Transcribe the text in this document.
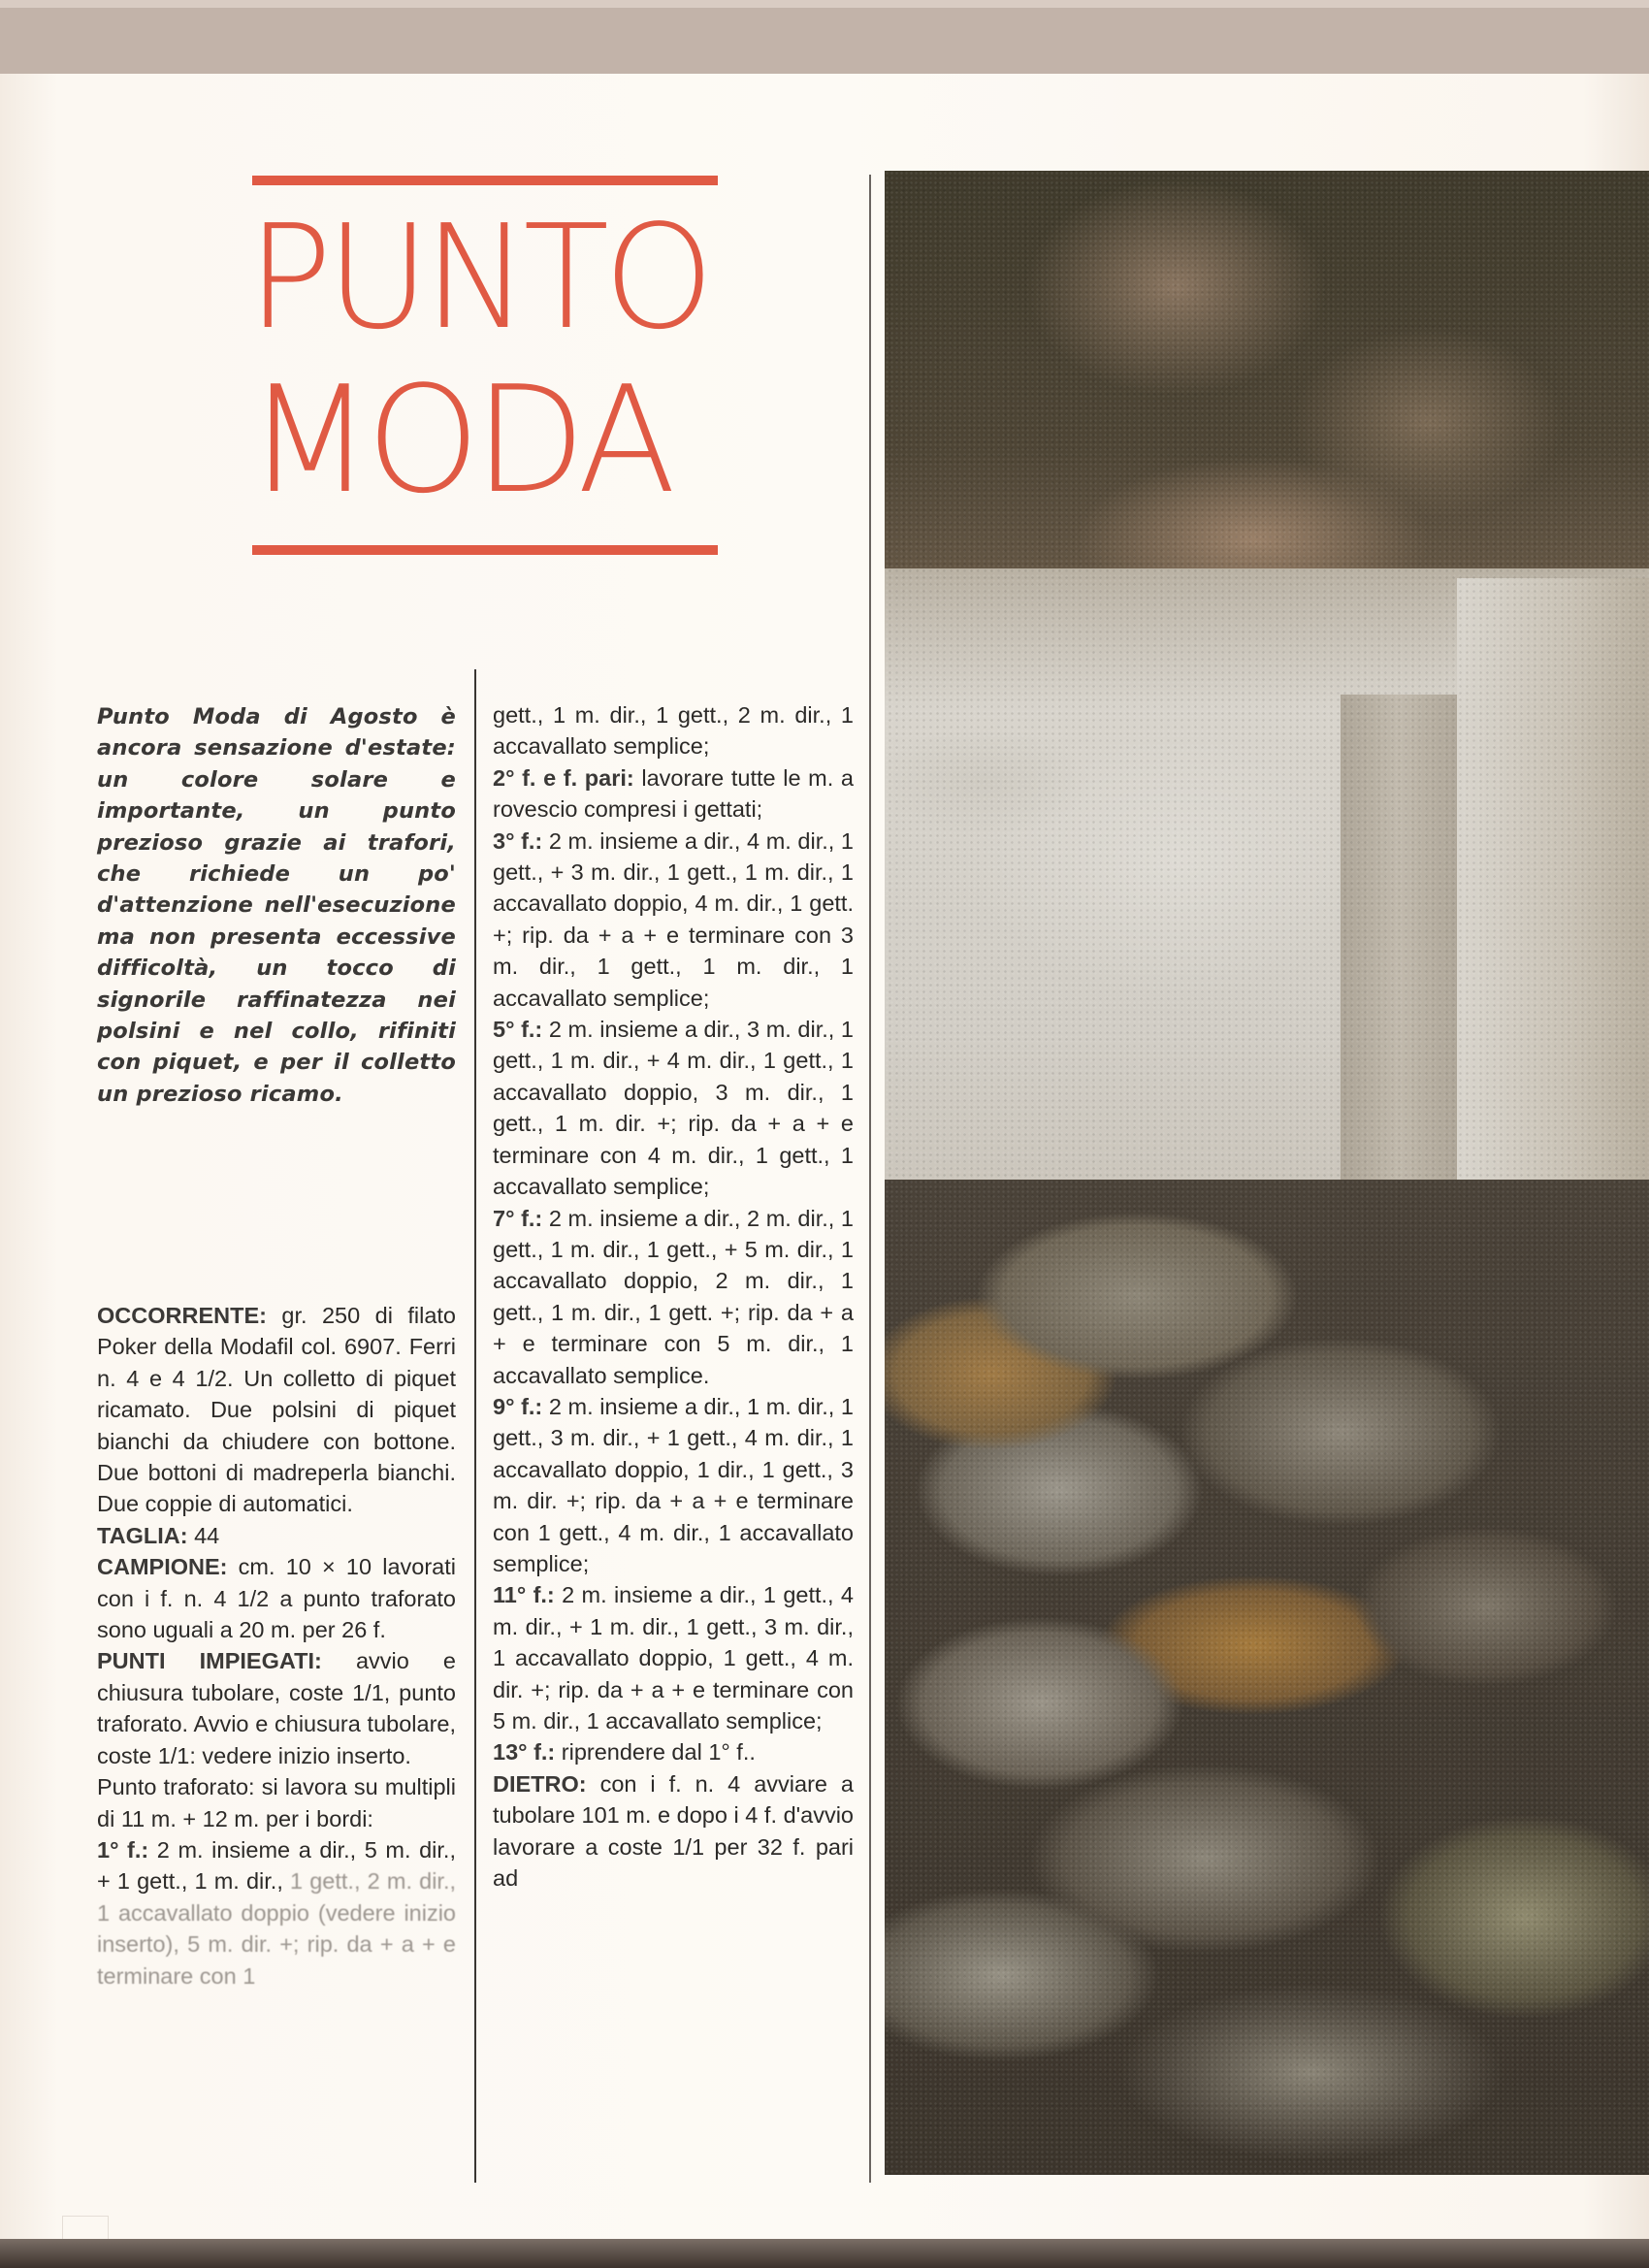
PUNTO
MODA

Punto Moda di Agosto è ancora sensazione d'estate: un colore solare e importante, un punto prezioso grazie ai trafori, che richiede un po' d'attenzione nell'esecuzione ma non presenta eccessive difficoltà, un tocco di signorile raffinatezza nei polsini e nel collo, rifiniti con piquet, e per il colletto un prezioso ricamo.

OCCORRENTE: gr. 250 di filato Poker della Modafil col. 6907. Ferri n. 4 e 4 1/2. Un colletto di piquet ricamato. Due polsini di piquet bianchi da chiudere con bottone. Due bottoni di madreperla bianchi. Due coppie di automatici.

TAGLIA: 44

CAMPIONE: cm. 10 × 10 lavorati con i f. n. 4 1/2 a punto traforato sono uguali a 20 m. per 26 f.

PUNTI IMPIEGATI: avvio e chiusura tubolare, coste 1/1, punto traforato. Avvio e chiusura tubolare, coste 1/1: vedere inizio inserto.

Punto traforato: si lavora su multipli di 11 m. + 12 m. per i bordi:

1° f.: 2 m. insieme a dir., 5 m. dir., + 1 gett., 1 m. dir., 1 gett., 2 m. dir., 1 accavallato doppio (vedere inizio inserto), 5 m. dir. +; rip. da + a + e terminare con 1

gett., 1 m. dir., 1 gett., 2 m. dir., 1 accavallato semplice;

2° f. e f. pari: lavorare tutte le m. a rovescio compresi i gettati;

3° f.: 2 m. insieme a dir., 4 m. dir., 1 gett., + 3 m. dir., 1 gett., 1 m. dir., 1 accavallato doppio, 4 m. dir., 1 gett. +; rip. da + a + e terminare con 3 m. dir., 1 gett., 1 m. dir., 1 accavallato semplice;

5° f.: 2 m. insieme a dir., 3 m. dir., 1 gett., 1 m. dir., + 4 m. dir., 1 gett., 1 accavallato doppio, 3 m. dir., 1 gett., 1 m. dir. +; rip. da + a + e terminare con 4 m. dir., 1 gett., 1 accavallato semplice;

7° f.: 2 m. insieme a dir., 2 m. dir., 1 gett., 1 m. dir., 1 gett., + 5 m. dir., 1 accavallato doppio, 2 m. dir., 1 gett., 1 m. dir., 1 gett. +; rip. da + a + e terminare con 5 m. dir., 1 accavallato semplice.

9° f.: 2 m. insieme a dir., 1 m. dir., 1 gett., 3 m. dir., + 1 gett., 4 m. dir., 1 accavallato doppio, 1 dir., 1 gett., 3 m. dir. +; rip. da + a + e terminare con 1 gett., 4 m. dir., 1 accavallato semplice;

11° f.: 2 m. insieme a dir., 1 gett., 4 m. dir., + 1 m. dir., 1 gett., 3 m. dir., 1 accavallato doppio, 1 gett., 4 m. dir. +; rip. da + a + e terminare con 5 m. dir., 1 accavallato semplice;

13° f.: riprendere dal 1° f..

DIETRO: con i f. n. 4 avviare a tubolare 101 m. e dopo i 4 f. d'avvio lavorare a coste 1/1 per 32 f. pari ad
